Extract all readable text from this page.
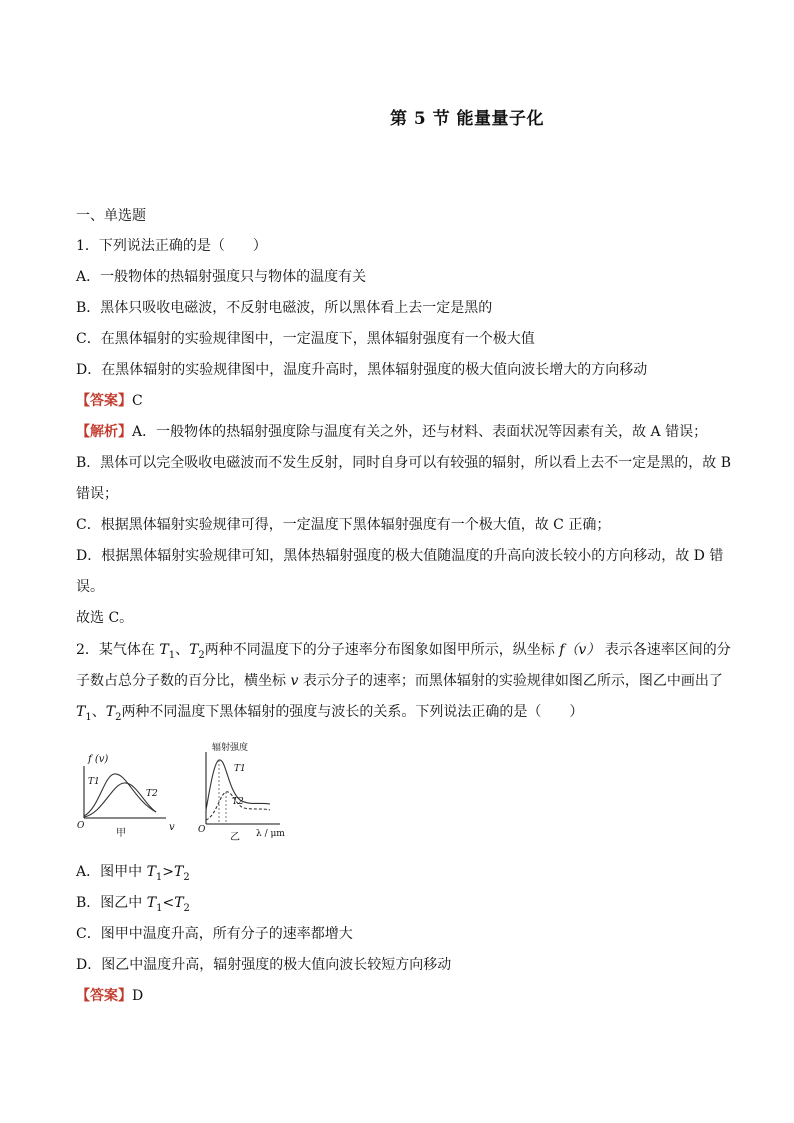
第 5 节 能量量子化
一、单选题
1．下列说法正确的是（　　）
A．一般物体的热辐射强度只与物体的温度有关
B．黑体只吸收电磁波，不反射电磁波，所以黑体看上去一定是黑的
C．在黑体辐射的实验规律图中，一定温度下，黑体辐射强度有一个极大值
D．在黑体辐射的实验规律图中，温度升高时，黑体辐射强度的极大值向波长增大的方向移动
【答案】C
【解析】A．一般物体的热辐射强度除与温度有关之外，还与材料、表面状况等因素有关，故 A 错误；
B．黑体可以完全吸收电磁波而不发生反射，同时自身可以有较强的辐射，所以看上去不一定是黑的，故 B
错误；
C．根据黑体辐射实验规律可得，一定温度下黑体辐射强度有一个极大值，故 C 正确；
D．根据黑体辐射实验规律可知，黑体热辐射强度的极大值随温度的升高向波长较小的方向移动，故 D 错
误。
故选 C。
2．某气体在 $T_1$、$T_2$两种不同温度下的分子速率分布图象如图甲所示，纵坐标 f（v） 表示各速率区间的分
子数占总分子数的百分比，横坐标 v 表示分子的速率；而黑体辐射的实验规律如图乙所示，图乙中画出了
$T_1$、$T_2$两种不同温度下黑体辐射的强度与波长的关系。下列说法正确的是（　　）
f (v)
T1
T2
O	v
甲
辐射强度
T1
T2
O	λ / μm
乙
A．图甲中 $T_1>T_2$
B．图乙中 $T_1<T_2$
C．图甲中温度升高，所有分子的速率都增大
D．图乙中温度升高，辐射强度的极大值向波长较短方向移动
【答案】D
